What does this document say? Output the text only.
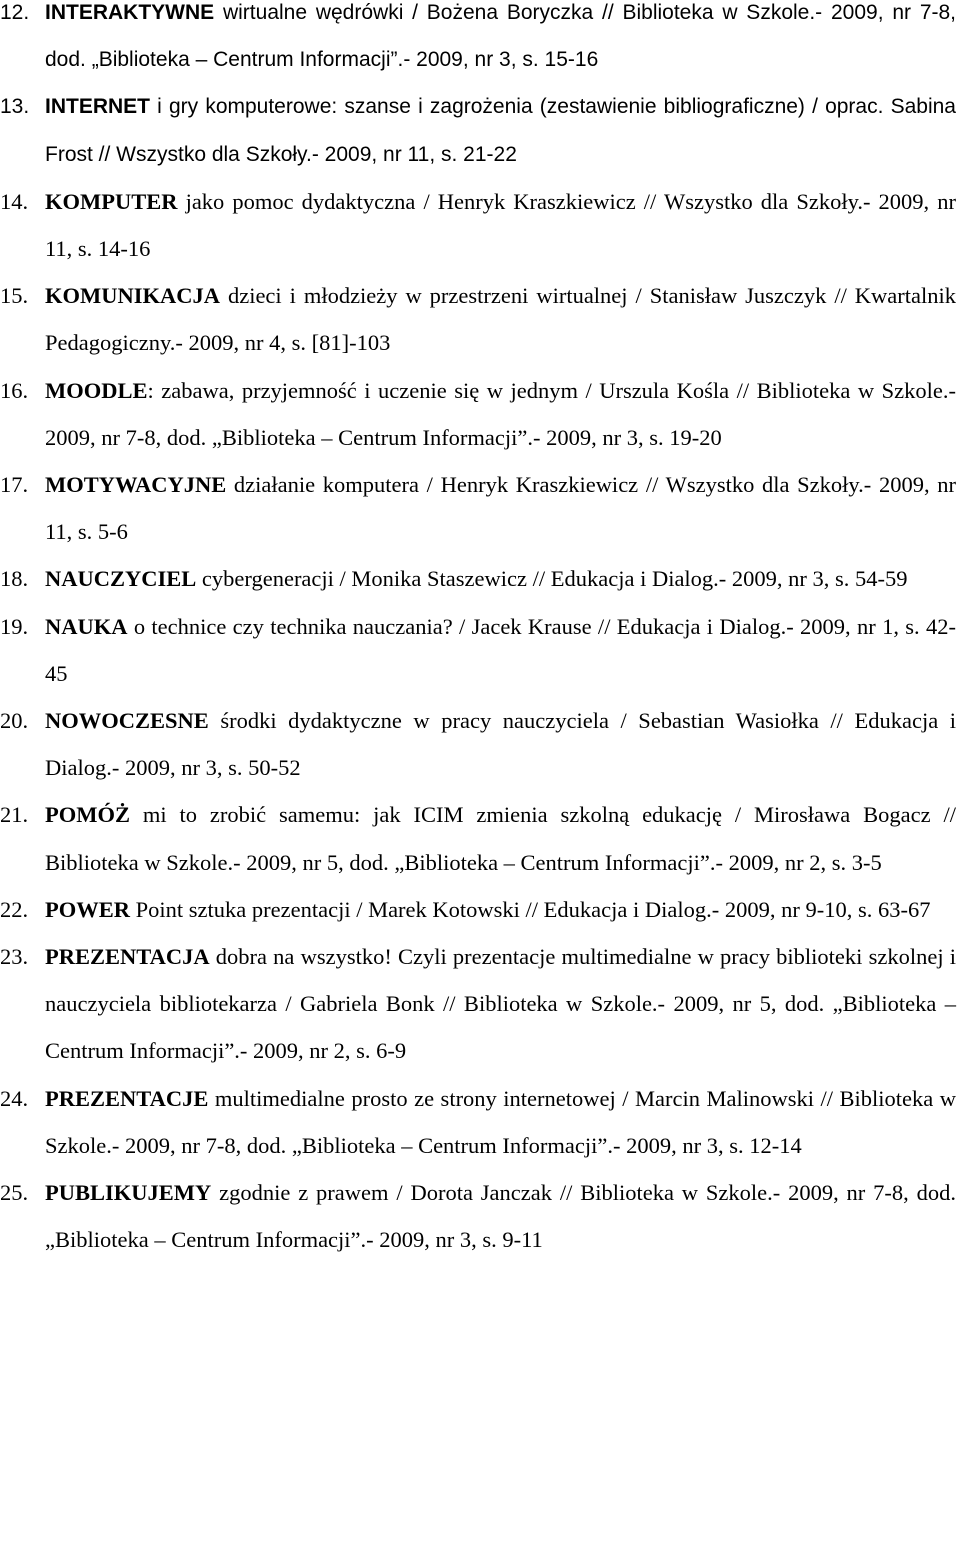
12. INTERAKTYWNE wirtualne wędrówki / Bożena Boryczka // Biblioteka w Szkole.- 2009, nr 7-8, dod. „Biblioteka – Centrum Informacji”.- 2009, nr 3, s. 15-16
13. INTERNET i gry komputerowe: szanse i zagrożenia (zestawienie bibliograficzne) / oprac. Sabina Frost // Wszystko dla Szkoły.- 2009, nr 11, s. 21-22
14. KOMPUTER jako pomoc dydaktyczna / Henryk Kraszkiewicz // Wszystko dla Szkoły.- 2009, nr 11, s. 14-16
15. KOMUNIKACJA dzieci i młodzieży w przestrzeni wirtualnej / Stanisław Juszczyk // Kwartalnik Pedagogiczny.- 2009, nr 4, s. [81]-103
16. MOODLE: zabawa, przyjemność i uczenie się w jednym / Urszula Kośla // Biblioteka w Szkole.- 2009, nr 7-8, dod. „Biblioteka – Centrum Informacji”.- 2009, nr 3, s. 19-20
17. MOTYWACYJNE działanie komputera / Henryk Kraszkiewicz // Wszystko dla Szkoły.- 2009, nr 11, s. 5-6
18. NAUCZYCIEL cybergeneracji / Monika Staszewicz // Edukacja i Dialog.- 2009, nr 3, s. 54-59
19. NAUKA o technice czy technika nauczania? / Jacek Krause // Edukacja i Dialog.- 2009, nr 1, s. 42-45
20. NOWOCZESNE środki dydaktyczne w pracy nauczyciela / Sebastian Wasiołka // Edukacja i Dialog.- 2009, nr 3, s. 50-52
21. POMÓŻ mi to zrobić samemu: jak ICIM zmienia szkolną edukację / Mirosława Bogacz // Biblioteka w Szkole.- 2009, nr 5, dod. „Biblioteka – Centrum Informacji”.- 2009, nr 2, s. 3-5
22. POWER Point sztuka prezentacji / Marek Kotowski // Edukacja i Dialog.- 2009, nr 9-10, s. 63-67
23. PREZENTACJA dobra na wszystko! Czyli prezentacje multimedialne w pracy biblioteki szkolnej i nauczyciela bibliotekarza / Gabriela Bonk // Biblioteka w Szkole.- 2009, nr 5, dod. „Biblioteka – Centrum Informacji”.- 2009, nr 2, s. 6-9
24. PREZENTACJE multimedialne prosto ze strony internetowej / Marcin Malinowski // Biblioteka w Szkole.- 2009, nr 7-8, dod. „Biblioteka – Centrum Informacji”.- 2009, nr 3, s. 12-14
25. PUBLIKUJEMY zgodnie z prawem / Dorota Janczak // Biblioteka w Szkole.- 2009, nr 7-8, dod. „Biblioteka – Centrum Informacji”.- 2009, nr 3, s. 9-11
